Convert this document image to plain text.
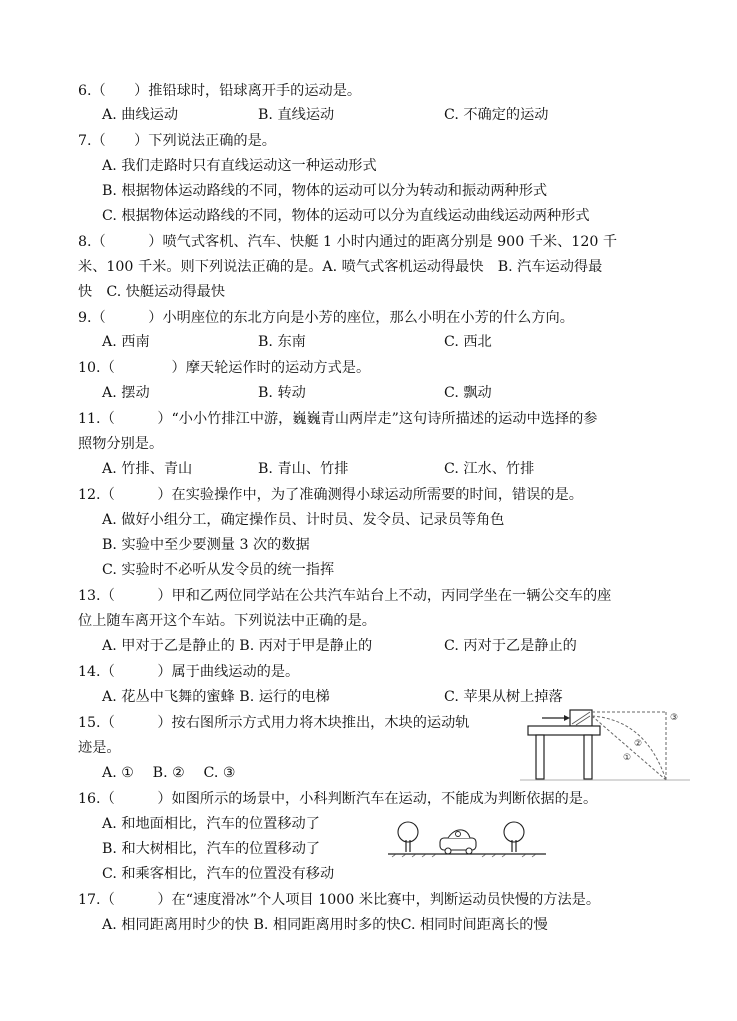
6.（　　）推铅球时，铅球离开手的运动是。
A. 曲线运动	B. 直线运动	C. 不确定的运动
7.（　　）下列说法正确的是。
A. 我们走路时只有直线运动这一种运动形式
B. 根据物体运动路线的不同，物体的运动可以分为转动和振动两种形式
C. 根据物体运动路线的不同，物体的运动可以分为直线运动曲线运动两种形式
8.（　　　）喷气式客机、汽车、快艇 1 小时内通过的距离分别是 900 千米、120 千
米、100 千米。则下列说法正确的是。A. 喷气式客机运动得最快　B. 汽车运动得最
快　C. 快艇运动得最快
9.（　　　）小明座位的东北方向是小芳的座位，那么小明在小芳的什么方向。
A. 西南	B. 东南	C. 西北
10.（　　　　）摩天轮运作时的运动方式是。
A. 摆动	B. 转动	C. 飘动
11.（　　　）“小小竹排江中游，巍巍青山两岸走”这句诗所描述的运动中选择的参
照物分别是。
A. 竹排、青山	B. 青山、竹排	C. 江水、竹排
12.（　　　）在实验操作中，为了准确测得小球运动所需要的时间，错误的是。
A. 做好小组分工，确定操作员、计时员、发令员、记录员等角色
B. 实验中至少要测量 3 次的数据
C. 实验时不必听从发令员的统一指挥
13.（　　　）甲和乙两位同学站在公共汽车站台上不动，丙同学坐在一辆公交车的座
位上随车离开这个车站。下列说法中正确的是。
A. 甲对于乙是静止的 B. 丙对于甲是静止的	C. 丙对于乙是静止的
14.（　　　）属于曲线运动的是。
A. 花丛中飞舞的蜜蜂 B. 运行的电梯	C. 苹果从树上掉落
15.（　　　）按右图所示方式用力将木块推出，木块的运动轨
迹是。
A. ①　 B. ②　 C. ③
①
②
③
16.（　　　）如图所示的场景中，小科判断汽车在运动，不能成为判断依据的是。
A. 和地面相比，汽车的位置移动了
B. 和大树相比，汽车的位置移动了
C. 和乘客相比，汽车的位置没有移动
17.（　　　）在“速度滑冰”个人项目 1000 米比赛中，判断运动员快慢的方法是。
A. 相同距离用时少的快 B. 相同距离用时多的快C. 相同时间距离长的慢
